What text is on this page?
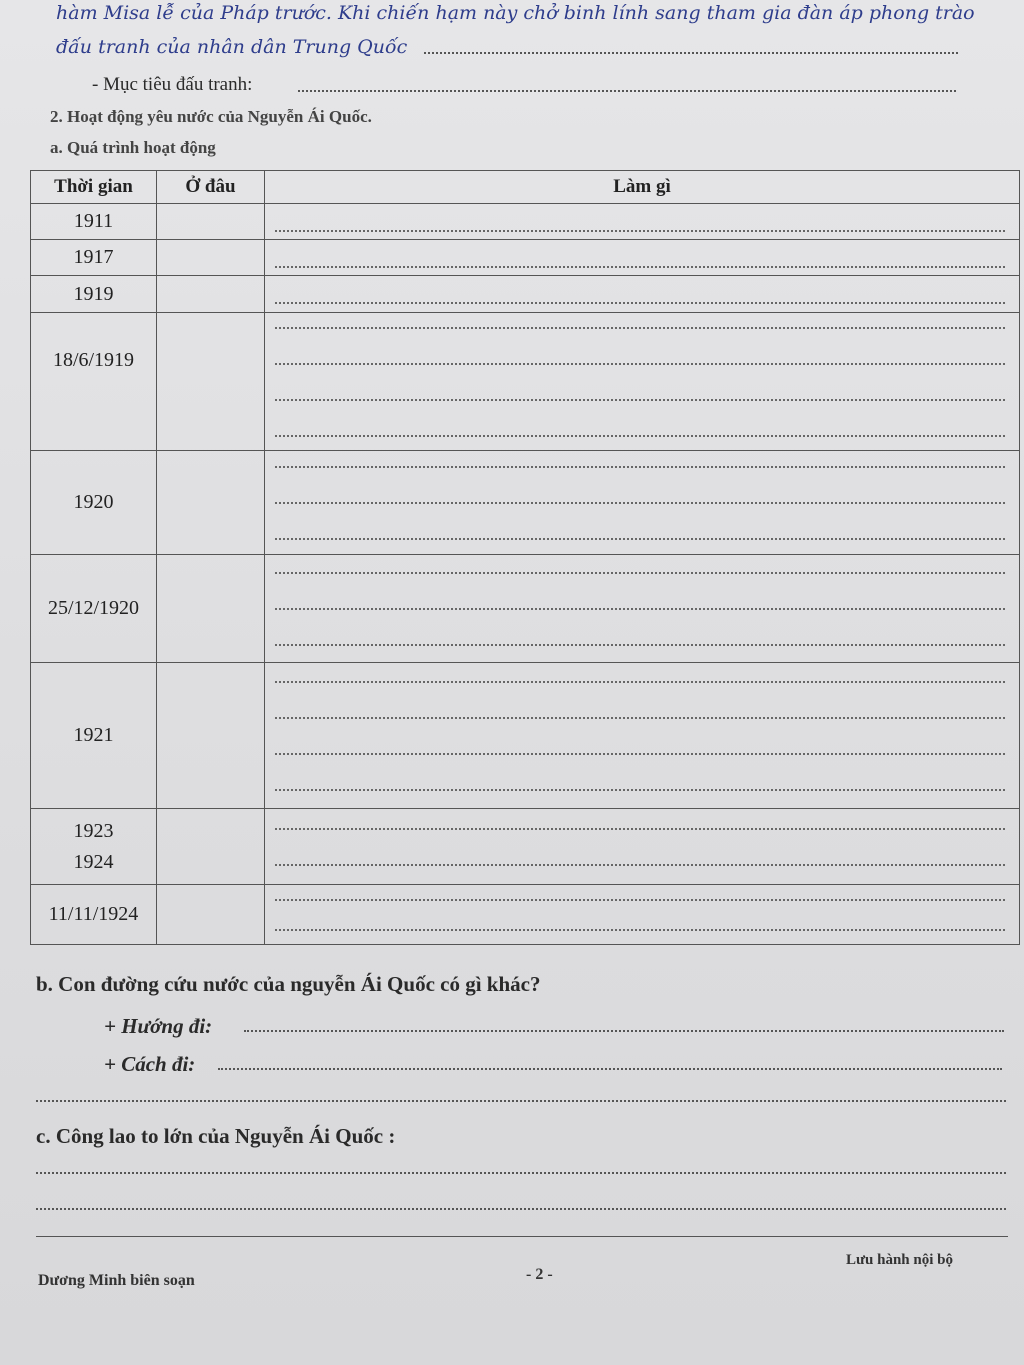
hàm Misa lễ của Pháp trước. Khi chiến hạm này chở binh lính sang tham gia đàn áp phong trào
đấu tranh của nhân dân Trung Quốc
- Mục tiêu đấu tranh:
2. Hoạt động yêu nước của Nguyễn Ái Quốc.
a. Quá trình hoạt động
Thời gian	Ở đâu	Làm gì
1911		

1917		

1919		

18/6/1919		

1920		

25/12/1920		

1921		

1923
1924		

11/11/1924		
b. Con đường cứu nước của nguyễn Ái Quốc có gì khác?
+ Hướng đi:
+ Cách đi:
c. Công lao to lớn của Nguyễn Ái Quốc :
Dương Minh biên soạn	- 2 -
Lưu hành nội bộ
